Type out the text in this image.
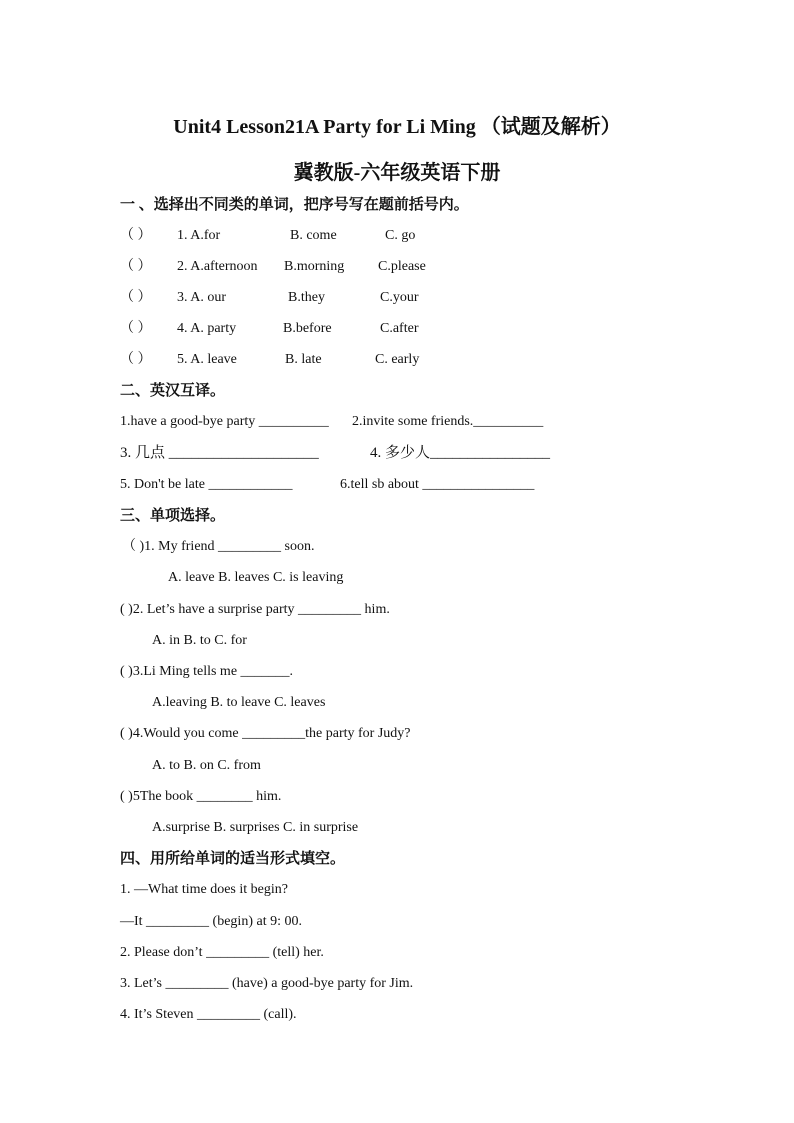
Unit4 Lesson21A Party for Li Ming （试题及解析）
冀教版-六年级英语下册
一 、选择出不同类的单词，把序号写在题前括号内。
（ ） 1. A.for	B. come	C. go
（ ） 2. A.afternoon B.morning C.please
（ ） 3. A. our	B.they	C.your
（ ） 4. A. party	B.before	C.after
（ ） 5. A. leave	B. late	C. early
二、英汉互译。
1.have a good-bye party __________ 2.invite some friends.__________
3. 几点 ____________________	4. 多少人________________
5. Don't be late ____________	6.tell sb about ________________
三、单项选择。
（ )1. My friend _________ soon.
A. leave B. leaves C. is leaving
( )2. Let’s have a surprise party _________ him.
A. in B. to C. for
( )3.Li Ming tells me _______.
A.leaving B. to leave C. leaves
( )4.Would you come _________the party for Judy?
A. to B. on C. from
( )5The book ________ him.
A.surprise B. surprises C. in surprise
四、用所给单词的适当形式填空。
1. —What time does it begin?
—It _________ (begin) at 9: 00.
2. Please don’t _________ (tell) her.
3. Let’s _________ (have) a good-bye party for Jim.
4. It’s Steven _________ (call).
